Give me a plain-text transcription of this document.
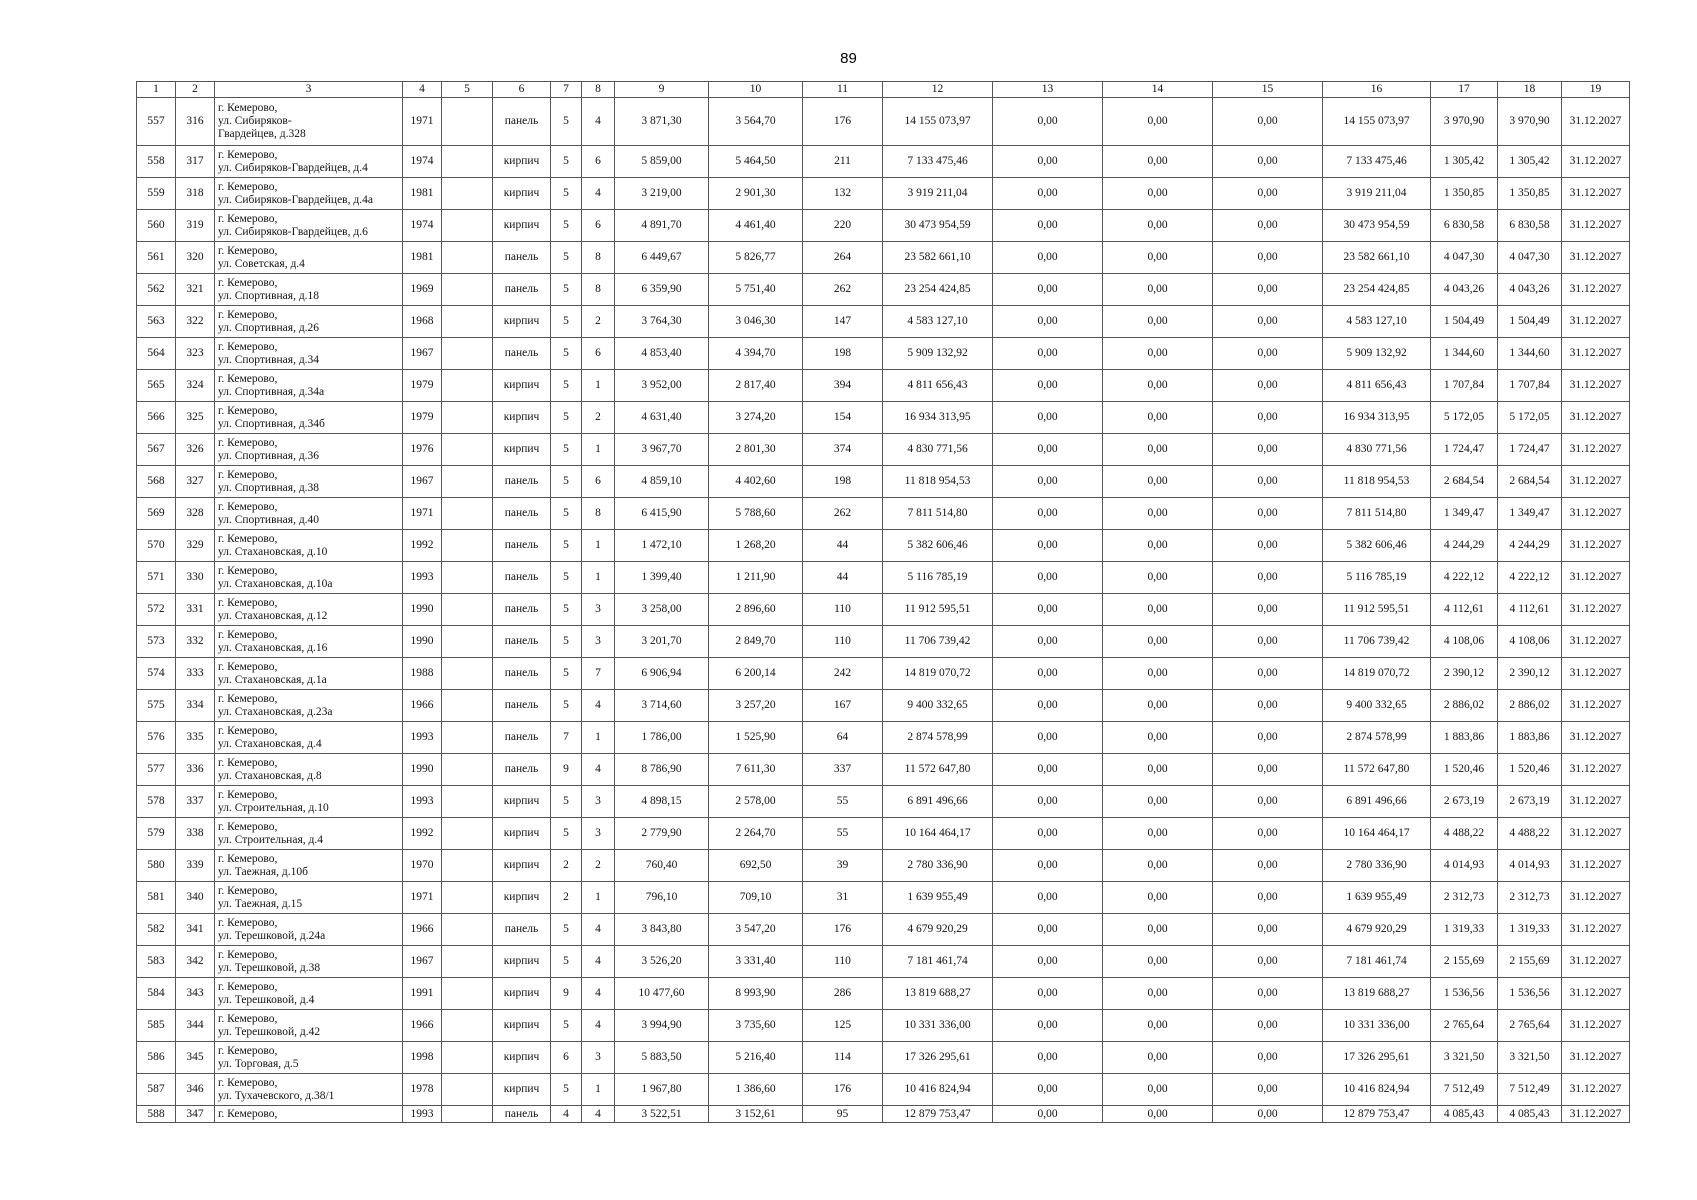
89
1	2	3	4	5	6	7	8	9	10	11	12	13	14	15	16	17	18	19
557	316	г. Кемерово,
ул. Сибиряков-
Гвардейцев, д.328	1971		панель	5	4	3 871,30	3 564,70	176	14 155 073,97	0,00	0,00	0,00	14 155 073,97	3 970,90	3 970,90	31.12.2027
558	317	г. Кемерово,
ул. Сибиряков-Гвардейцев, д.4	1974		кирпич	5	6	5 859,00	5 464,50	211	7 133 475,46	0,00	0,00	0,00	7 133 475,46	1 305,42	1 305,42	31.12.2027
559	318	г. Кемерово,
ул. Сибиряков-Гвардейцев, д.4а	1981		кирпич	5	4	3 219,00	2 901,30	132	3 919 211,04	0,00	0,00	0,00	3 919 211,04	1 350,85	1 350,85	31.12.2027
560	319	г. Кемерово,
ул. Сибиряков-Гвардейцев, д.6	1974		кирпич	5	6	4 891,70	4 461,40	220	30 473 954,59	0,00	0,00	0,00	30 473 954,59	6 830,58	6 830,58	31.12.2027
561	320	г. Кемерово,
ул. Советская, д.4	1981		панель	5	8	6 449,67	5 826,77	264	23 582 661,10	0,00	0,00	0,00	23 582 661,10	4 047,30	4 047,30	31.12.2027
562	321	г. Кемерово,
ул. Спортивная, д.18	1969		панель	5	8	6 359,90	5 751,40	262	23 254 424,85	0,00	0,00	0,00	23 254 424,85	4 043,26	4 043,26	31.12.2027
563	322	г. Кемерово,
ул. Спортивная, д.26	1968		кирпич	5	2	3 764,30	3 046,30	147	4 583 127,10	0,00	0,00	0,00	4 583 127,10	1 504,49	1 504,49	31.12.2027
564	323	г. Кемерово,
ул. Спортивная, д.34	1967		панель	5	6	4 853,40	4 394,70	198	5 909 132,92	0,00	0,00	0,00	5 909 132,92	1 344,60	1 344,60	31.12.2027
565	324	г. Кемерово,
ул. Спортивная, д.34а	1979		кирпич	5	1	3 952,00	2 817,40	394	4 811 656,43	0,00	0,00	0,00	4 811 656,43	1 707,84	1 707,84	31.12.2027
566	325	г. Кемерово,
ул. Спортивная, д.34б	1979		кирпич	5	2	4 631,40	3 274,20	154	16 934 313,95	0,00	0,00	0,00	16 934 313,95	5 172,05	5 172,05	31.12.2027
567	326	г. Кемерово,
ул. Спортивная, д.36	1976		кирпич	5	1	3 967,70	2 801,30	374	4 830 771,56	0,00	0,00	0,00	4 830 771,56	1 724,47	1 724,47	31.12.2027
568	327	г. Кемерово,
ул. Спортивная, д.38	1967		панель	5	6	4 859,10	4 402,60	198	11 818 954,53	0,00	0,00	0,00	11 818 954,53	2 684,54	2 684,54	31.12.2027
569	328	г. Кемерово,
ул. Спортивная, д.40	1971		панель	5	8	6 415,90	5 788,60	262	7 811 514,80	0,00	0,00	0,00	7 811 514,80	1 349,47	1 349,47	31.12.2027
570	329	г. Кемерово,
ул. Стахановская, д.10	1992		панель	5	1	1 472,10	1 268,20	44	5 382 606,46	0,00	0,00	0,00	5 382 606,46	4 244,29	4 244,29	31.12.2027
571	330	г. Кемерово,
ул. Стахановская, д.10а	1993		панель	5	1	1 399,40	1 211,90	44	5 116 785,19	0,00	0,00	0,00	5 116 785,19	4 222,12	4 222,12	31.12.2027
572	331	г. Кемерово,
ул. Стахановская, д.12	1990		панель	5	3	3 258,00	2 896,60	110	11 912 595,51	0,00	0,00	0,00	11 912 595,51	4 112,61	4 112,61	31.12.2027
573	332	г. Кемерово,
ул. Стахановская, д.16	1990		панель	5	3	3 201,70	2 849,70	110	11 706 739,42	0,00	0,00	0,00	11 706 739,42	4 108,06	4 108,06	31.12.2027
574	333	г. Кемерово,
ул. Стахановская, д.1а	1988		панель	5	7	6 906,94	6 200,14	242	14 819 070,72	0,00	0,00	0,00	14 819 070,72	2 390,12	2 390,12	31.12.2027
575	334	г. Кемерово,
ул. Стахановская, д.23а	1966		панель	5	4	3 714,60	3 257,20	167	9 400 332,65	0,00	0,00	0,00	9 400 332,65	2 886,02	2 886,02	31.12.2027
576	335	г. Кемерово,
ул. Стахановская, д.4	1993		панель	7	1	1 786,00	1 525,90	64	2 874 578,99	0,00	0,00	0,00	2 874 578,99	1 883,86	1 883,86	31.12.2027
577	336	г. Кемерово,
ул. Стахановская, д.8	1990		панель	9	4	8 786,90	7 611,30	337	11 572 647,80	0,00	0,00	0,00	11 572 647,80	1 520,46	1 520,46	31.12.2027
578	337	г. Кемерово,
ул. Строительная, д.10	1993		кирпич	5	3	4 898,15	2 578,00	55	6 891 496,66	0,00	0,00	0,00	6 891 496,66	2 673,19	2 673,19	31.12.2027
579	338	г. Кемерово,
ул. Строительная, д.4	1992		кирпич	5	3	2 779,90	2 264,70	55	10 164 464,17	0,00	0,00	0,00	10 164 464,17	4 488,22	4 488,22	31.12.2027
580	339	г. Кемерово,
ул. Таежная, д.10б	1970		кирпич	2	2	760,40	692,50	39	2 780 336,90	0,00	0,00	0,00	2 780 336,90	4 014,93	4 014,93	31.12.2027
581	340	г. Кемерово,
ул. Таежная, д.15	1971		кирпич	2	1	796,10	709,10	31	1 639 955,49	0,00	0,00	0,00	1 639 955,49	2 312,73	2 312,73	31.12.2027
582	341	г. Кемерово,
ул. Терешковой, д.24а	1966		панель	5	4	3 843,80	3 547,20	176	4 679 920,29	0,00	0,00	0,00	4 679 920,29	1 319,33	1 319,33	31.12.2027
583	342	г. Кемерово,
ул. Терешковой, д.38	1967		кирпич	5	4	3 526,20	3 331,40	110	7 181 461,74	0,00	0,00	0,00	7 181 461,74	2 155,69	2 155,69	31.12.2027
584	343	г. Кемерово,
ул. Терешковой, д.4	1991		кирпич	9	4	10 477,60	8 993,90	286	13 819 688,27	0,00	0,00	0,00	13 819 688,27	1 536,56	1 536,56	31.12.2027
585	344	г. Кемерово,
ул. Терешковой, д.42	1966		кирпич	5	4	3 994,90	3 735,60	125	10 331 336,00	0,00	0,00	0,00	10 331 336,00	2 765,64	2 765,64	31.12.2027
586	345	г. Кемерово,
ул. Торговая, д.5	1998		кирпич	6	3	5 883,50	5 216,40	114	17 326 295,61	0,00	0,00	0,00	17 326 295,61	3 321,50	3 321,50	31.12.2027
587	346	г. Кемерово,
ул. Тухачевского, д.38/1	1978		кирпич	5	1	1 967,80	1 386,60	176	10 416 824,94	0,00	0,00	0,00	10 416 824,94	7 512,49	7 512,49	31.12.2027
588	347	г. Кемерово,	1993		панель	4	4	3 522,51	3 152,61	95	12 879 753,47	0,00	0,00	0,00	12 879 753,47	4 085,43	4 085,43	31.12.2027
